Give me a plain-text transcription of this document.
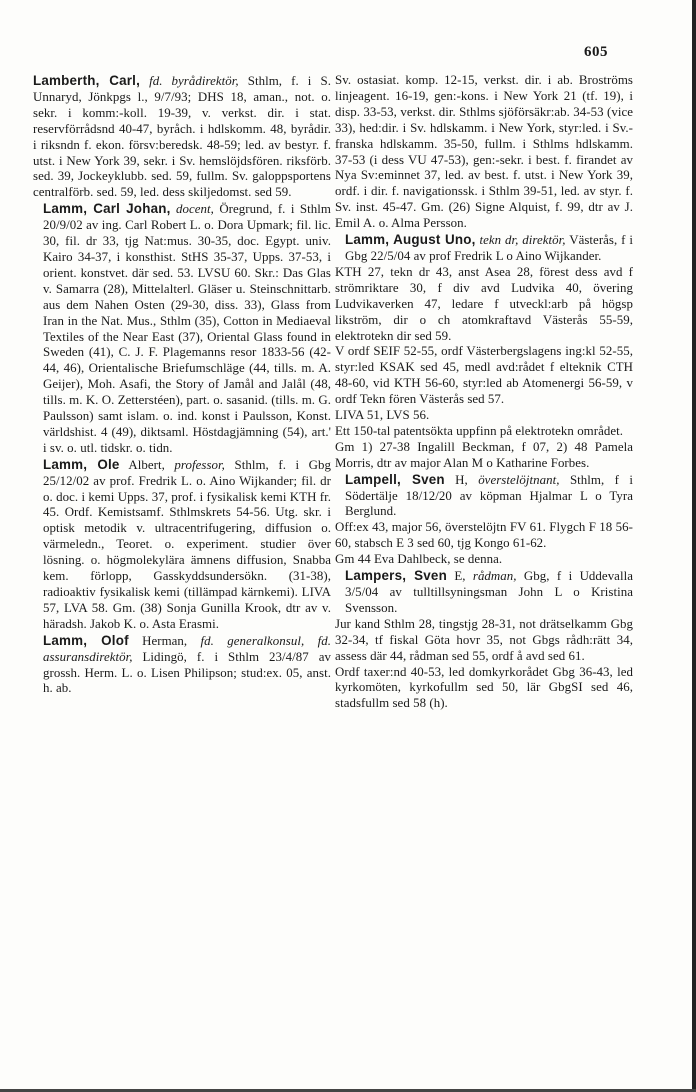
605

Lamberth, Carl, fd. byrådirektör, Sthlm, f. i S. Unnaryd, Jönkpgs l., 9/7/93; DHS 18, aman., not. o. sekr. i komm:-koll. 19-39, v. verkst. dir. i stat. reservförrådsnd 40-47, byråch. i hdlskomm. 48, byrådir. i riksndn f. ekon. försv:beredsk. 48-59; led. av bestyr. f. utst. i New York 39, sekr. i Sv. hemslöjdsfören. riksförb. sed. 39, Jockeyklubb. sed. 59, fullm. Sv. galoppsportens centralförb. sed. 59, led. dess skiljedomst. sed 59.

Lamm, Carl Johan, docent, Öregrund, f. i Sthlm 20/9/02 av ing. Carl Robert L. o. Dora Upmark; fil. lic. 30, fil. dr 33, tjg Nat:mus. 30-35, doc. Egypt. univ. Kairo 34-37, i konsthist. StHS 35-37, Upps. 37-53, i orient. konstvet. där sed. 53. LVSU 60. Skr.: Das Glas v. Samarra (28), Mittelalterl. Gläser u. Steinschnittarb. aus dem Nahen Osten (29-30, diss. 33), Glass from Iran in the Nat. Mus., Sthlm (35), Cotton in Mediaeval Textiles of the Near East (37), Oriental Glass found in Sweden (41), C. J. F. Plagemanns resor 1833-56 (42-44, 46), Orientalische Briefumschläge (44, tills. m. A. Geijer), Moh. Asafi, the Story of Jamål and Jalål (48, tills. m. K. O. Zetterstéen), part. o. sasanid. (tills. m. G. Paulsson) samt islam. o. ind. konst i Paulsson, Konst. världshist. 4 (49), diktsaml. Höstdagjämning (54), art.' i sv. o. utl. tidskr. o. tidn.

Lamm, Ole Albert, professor, Sthlm, f. i Gbg 25/12/02 av prof. Fredrik L. o. Aino Wijkander; fil. dr o. doc. i kemi Upps. 37, prof. i fysikalisk kemi KTH fr. 45. Ordf. Kemistsamf. Sthlmskrets 54-56. Utg. skr. i optisk metodik v. ultracentrifugering, diffusion o. värmeledn., Teoret. o. experiment. studier över lösning. o. högmolekylära ämnens diffusion, Snabba kem. förlopp, Gasskyddsundersökn. (31-38), radioaktiv fysikalisk kemi (tillämpad kärnkemi). LIVA 57, LVA 58. Gm. (38) Sonja Gunilla Krook, dtr av v. häradsh. Jakob K. o. Asta Erasmi.

Lamm, Olof Herman, fd. generalkonsul, fd. assuransdirektör, Lidingö, f. i Sthlm 23/4/87 av grossh. Herm. L. o. Lisen Philipson; stud:ex. 05, anst. h. ab.

Sv. ostasiat. komp. 12-15, verkst. dir. i ab. Broströms linjeagent. 16-19, gen:-kons. i New York 21 (tf. 19), i disp. 33-53, verkst. dir. Sthlms sjöförsäkr:ab. 34-53 (vice 33), hed:dir. i Sv. hdlskamm. i New York, styr:led. i Sv.-franska hdlskamm. 35-50, fullm. i Sthlms hdlskamm. 37-53 (i dess VU 47-53), gen:-sekr. i best. f. firandet av Nya Sv:eminnet 37, led. av best. f. utst. i New York 39, ordf. i dir. f. navigationssk. i Sthlm 39-51, led. av styr. f. Sv. inst. 45-47. Gm. (26) Signe Alquist, f. 99, dtr av J. Emil A. o. Alma Persson.

Lamm, August Uno, tekn dr, direktör, Västerås, f i Gbg 22/5/04 av prof Fredrik L o Aino Wijkander.

KTH 27, tekn dr 43, anst Asea 28, förest dess avd f strömriktare 30, f div avd Ludvika 40, övering Ludvikaverken 47, ledare f utveckl:arb på högsp likström, dir o ch atomkraftavd Västerås 55-59, elektrotekn dir sed 59.

V ordf SEIF 52-55, ordf Västerbergslagens ing:kl 52-55, styr:led KSAK sed 45, medl avd:rådet f elteknik CTH 48-60, vid KTH 56-60, styr:led ab Atomenergi 56-59, v ordf Tekn fören Västerås sed 57.

LIVA 51, LVS 56.

Ett 150-tal patentsökta uppfinn på elektrotekn området.

Gm 1) 27-38 Ingalill Beckman, f 07, 2) 48 Pamela Morris, dtr av major Alan M o Katharine Forbes.

Lampell, Sven H, överstelöjtnant, Sthlm, f i Södertälje 18/12/20 av köpman Hjalmar L o Tyra Berglund.

Off:ex 43, major 56, överstelöjtn FV 61. Flygch F 18 56-60, stabsch E 3 sed 60, tjg Kongo 61-62.

Gm 44 Eva Dahlbeck, se denna.

Lampers, Sven E, rådman, Gbg, f i Uddevalla 3/5/04 av tulltillsyningsman John L o Kristina Svensson.

Jur kand Sthlm 28, tingstjg 28-31, not drätselkamm Gbg 32-34, tf fiskal Göta hovr 35, not Gbgs rådh:rätt 34, assess där 44, rådman sed 55, ordf å avd sed 61.

Ordf taxer:nd 40-53, led domkyrkorådet Gbg 36-43, led kyrkomöten, kyrkofullm sed 50, lär GbgSI sed 46, stadsfullm sed 58 (h).
